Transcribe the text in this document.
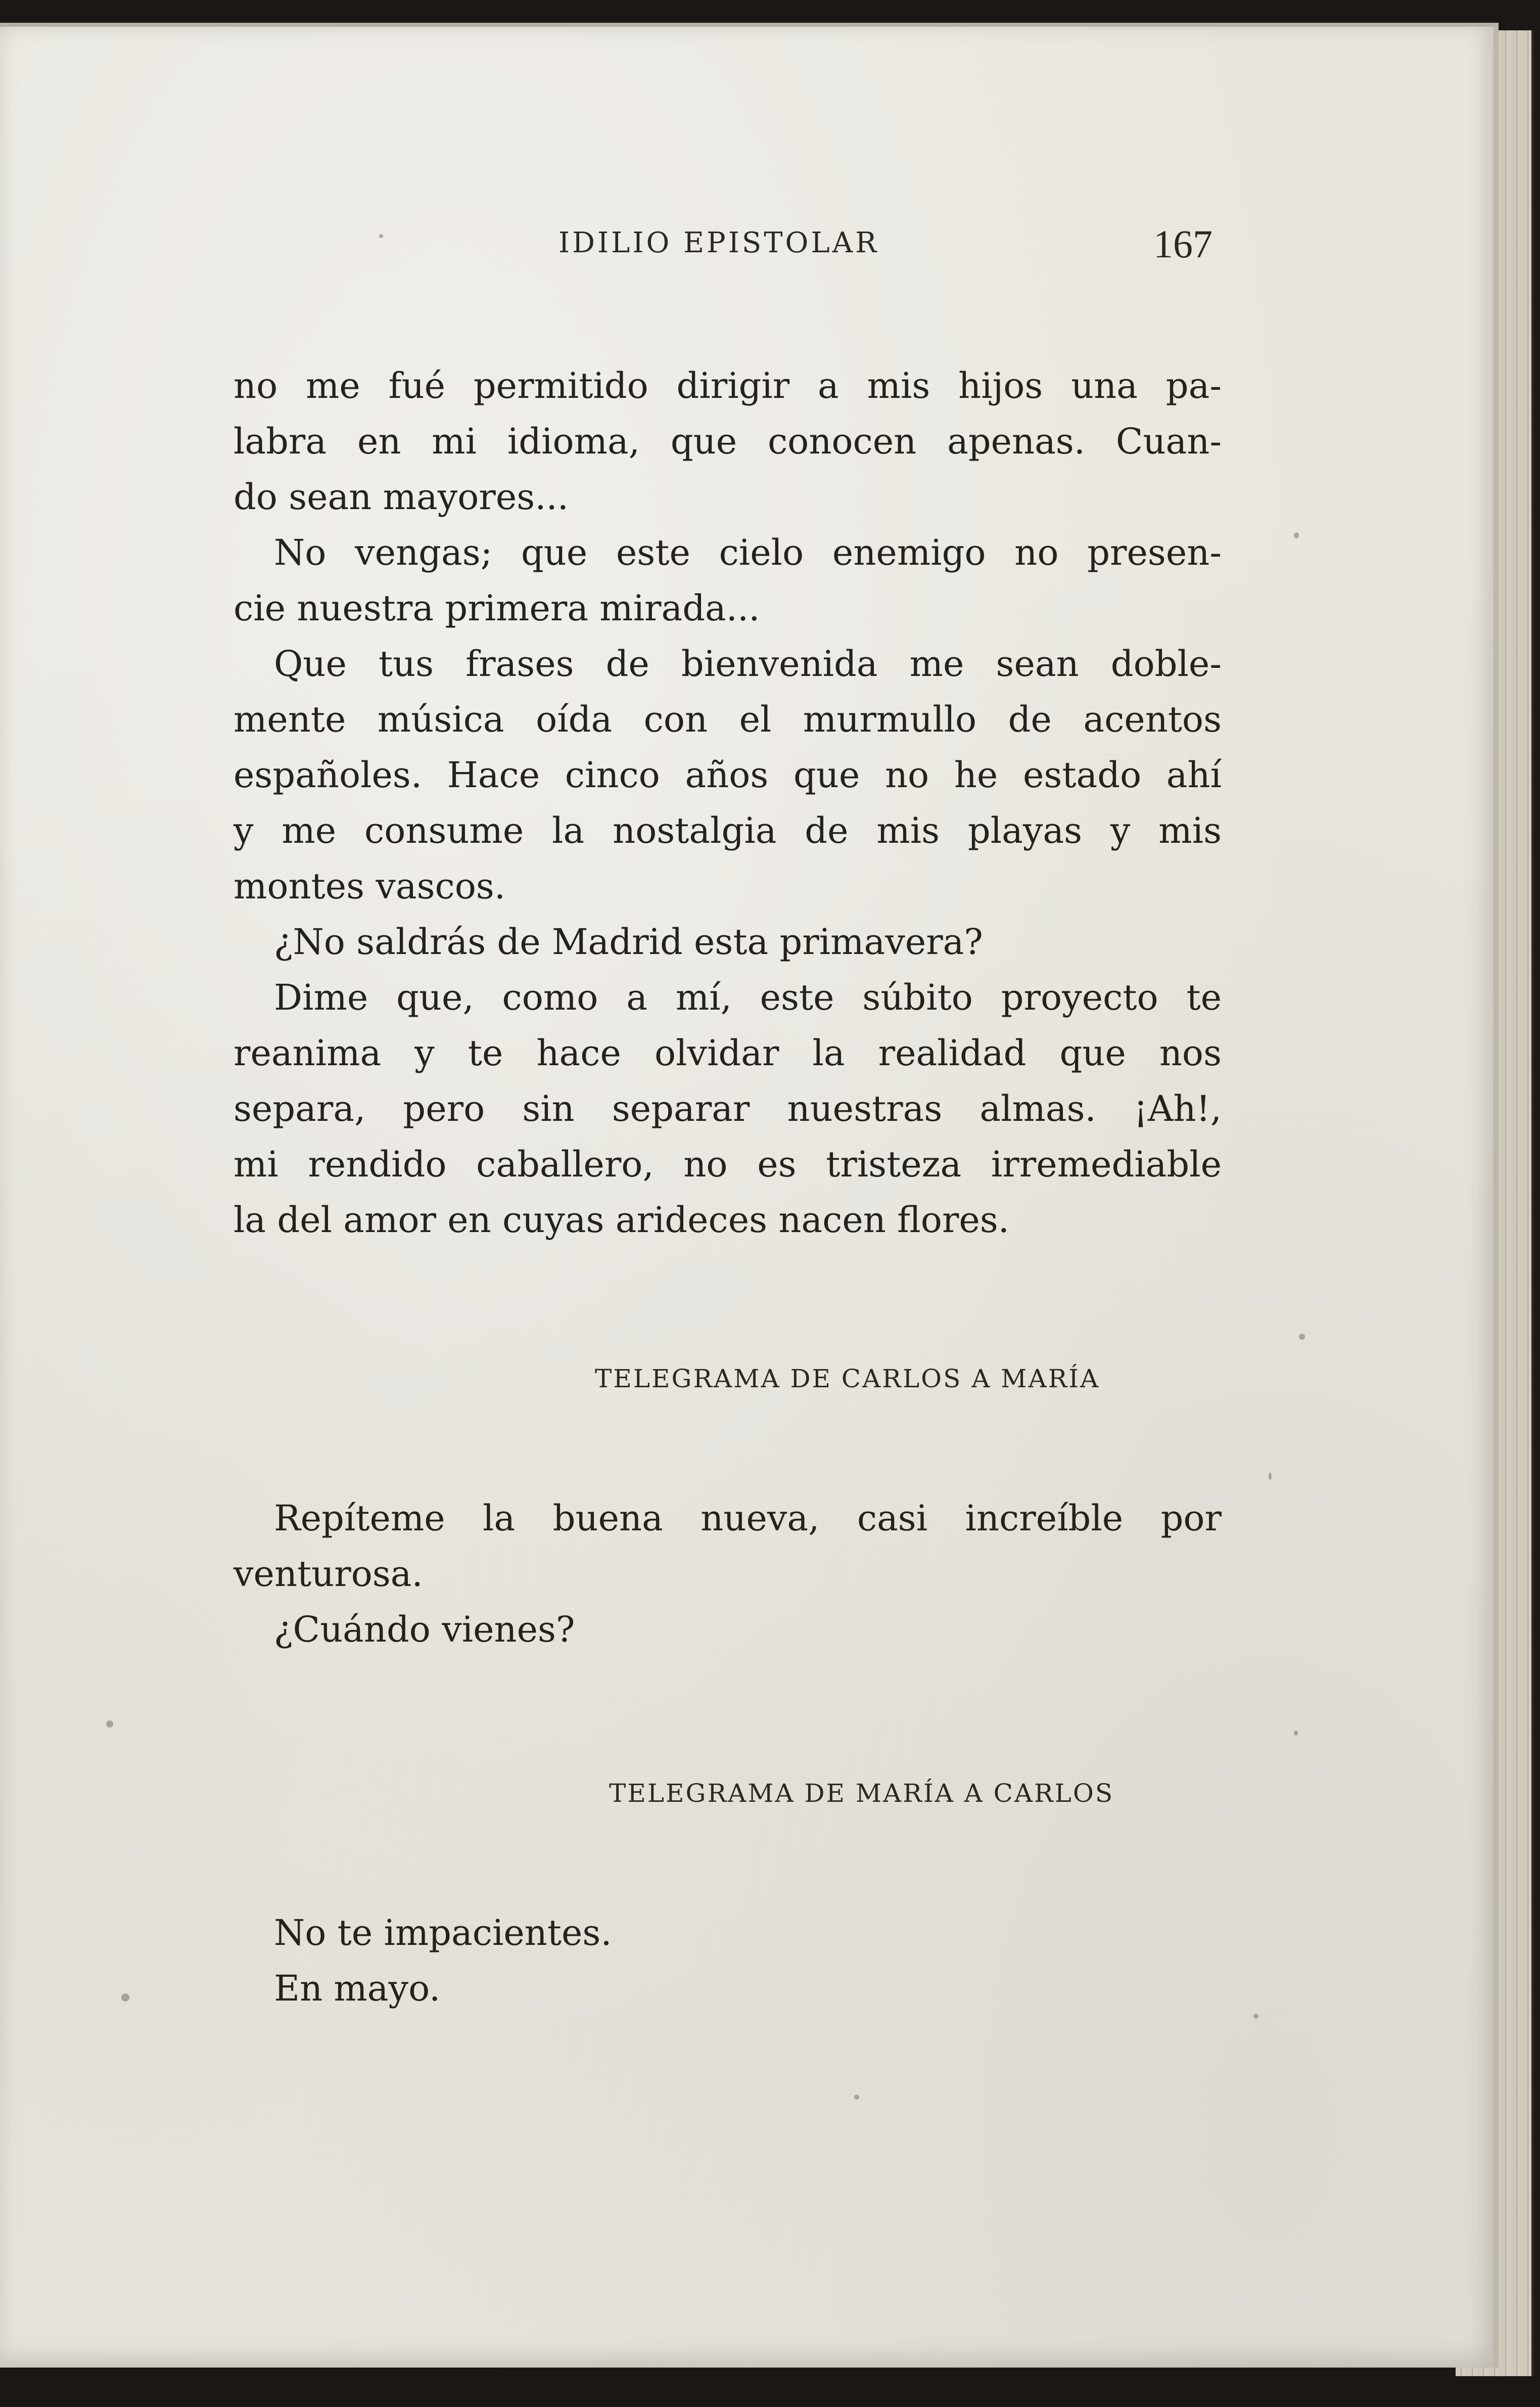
IDILIO EPISTOLAR	167

no me fué permitido dirigir a mis hijos una pa-

labra en mi idioma, que conocen apenas. Cuan-

do sean mayores...

No vengas; que este cielo enemigo no presen-

cie nuestra primera mirada...

Que tus frases de bienvenida me sean doble-

mente música oída con el murmullo de acentos

españoles. Hace cinco años que no he estado ahí

y me consume la nostalgia de mis playas y mis

montes vascos.

¿No saldrás de Madrid esta primavera?

Dime que, como a mí, este súbito proyecto te

reanima y te hace olvidar la realidad que nos

separa, pero sin separar nuestras almas. ¡Ah!,

mi rendido caballero, no es tristeza irremediable

la del amor en cuyas arideces nacen flores.

TELEGRAMA DE CARLOS A MARÍA

Repíteme la buena nueva, casi increíble por

venturosa.

¿Cuándo vienes?

TELEGRAMA DE MARÍA A CARLOS

No te impacientes.

En mayo.
